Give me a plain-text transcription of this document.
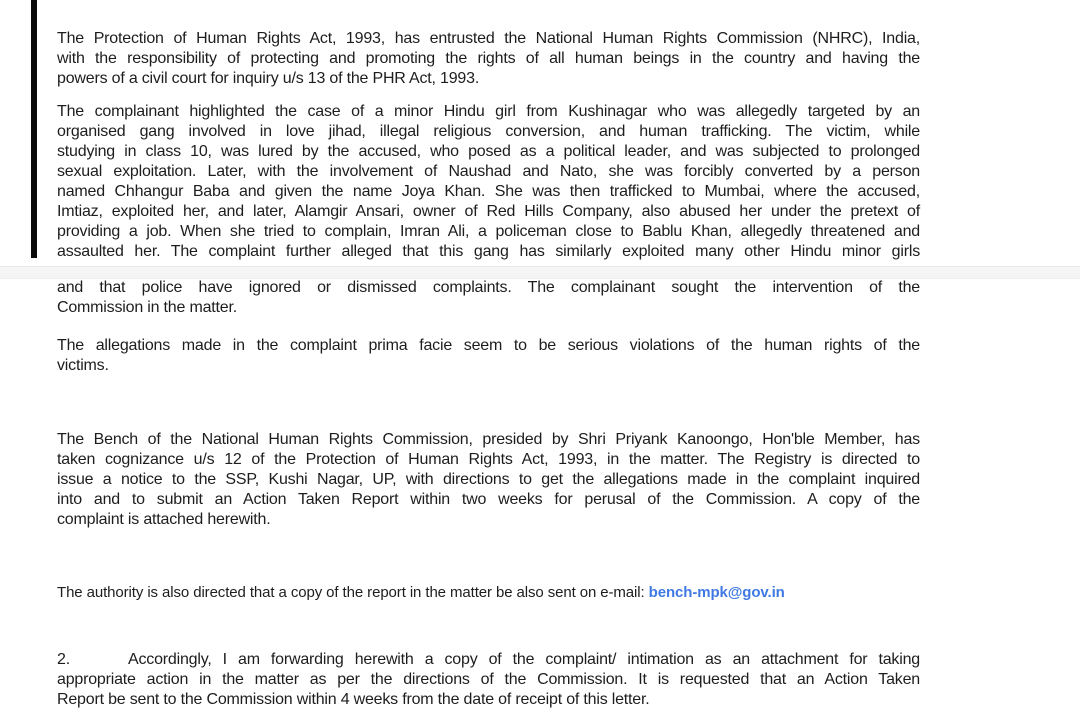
The Protection of Human Rights Act, 1993, has entrusted the National Human Rights Commission (NHRC), India,
with the responsibility of protecting and promoting the rights of all human beings in the country and having the
powers of a civil court for inquiry u/s 13 of the PHR Act, 1993.
The complainant highlighted the case of a minor Hindu girl from Kushinagar who was allegedly targeted by an
organised gang involved in love jihad, illegal religious conversion, and human trafficking. The victim, while
studying in class 10, was lured by the accused, who posed as a political leader, and was subjected to prolonged
sexual exploitation. Later, with the involvement of Naushad and Nato, she was forcibly converted by a person
named Chhangur Baba and given the name Joya Khan. She was then trafficked to Mumbai, where the accused,
Imtiaz, exploited her, and later, Alamgir Ansari, owner of Red Hills Company, also abused her under the pretext of
providing a job. When she tried to complain, Imran Ali, a policeman close to Bablu Khan, allegedly threatened and
assaulted her. The complaint further alleged that this gang has similarly exploited many other Hindu minor girls
and that police have ignored or dismissed complaints. The complainant sought the intervention of the
Commission in the matter.
The allegations made in the complaint prima facie seem to be serious violations of the human rights of the
victims.
The Bench of the National Human Rights Commission, presided by Shri Priyank Kanoongo, Hon'ble Member, has
taken cognizance u/s 12 of the Protection of Human Rights Act, 1993, in the matter. The Registry is directed to
issue a notice to the SSP, Kushi Nagar, UP, with directions to get the allegations made in the complaint inquired
into and to submit an Action Taken Report within two weeks for perusal of the Commission. A copy of the
complaint is attached herewith.
The authority is also directed that a copy of the report in the matter be also sent on e-mail: bench-mpk@gov.in
2.	Accordingly, I am forwarding herewith a copy of the complaint/ intimation as an attachment for taking
appropriate action in the matter as per the directions of the Commission. It is requested that an Action Taken
Report be sent to the Commission within 4 weeks from the date of receipt of this letter.
